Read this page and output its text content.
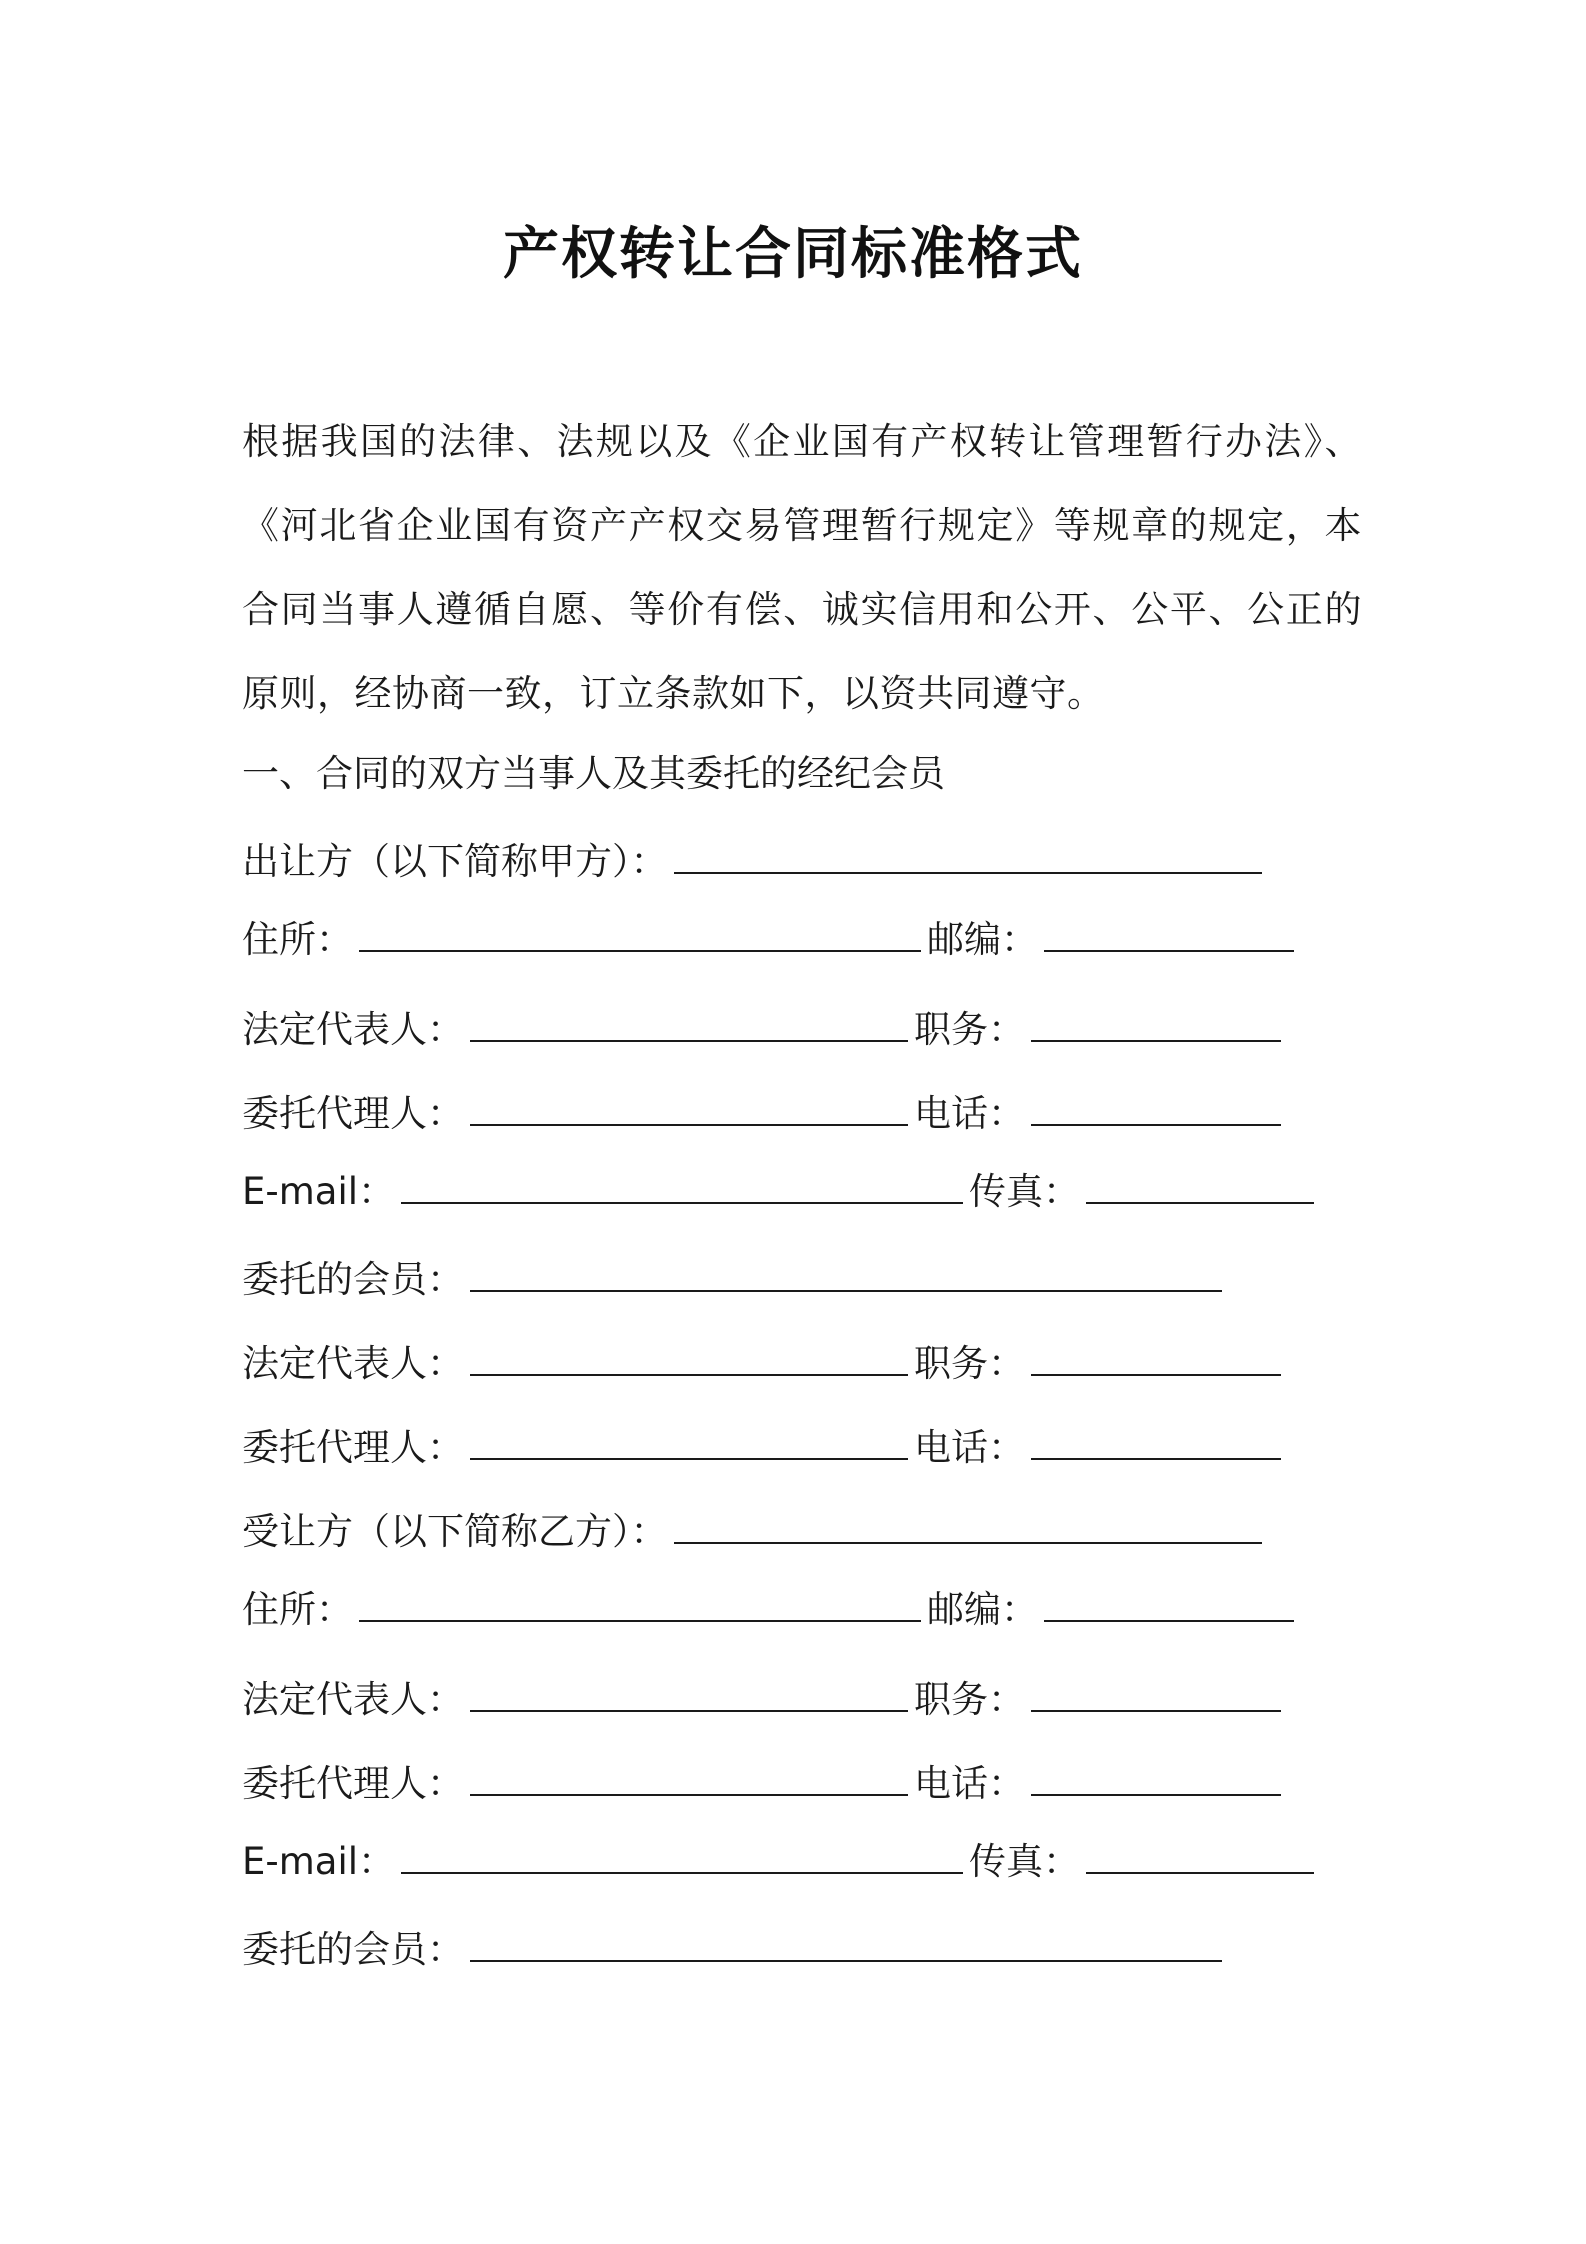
产权转让合同标准格式
根据我国的法律、法规以及《企业国有产权转让管理暂行办法》、《河北省企业国有资产产权交易管理暂行规定》等规章的规定，本合同当事人遵循自愿、等价有偿、诚实信用和公开、公平、公正的原则，经协商一致，订立条款如下，以资共同遵守。
一、合同的双方当事人及其委托的经纪会员
出让方（以下简称甲方）：
住所：	邮编：
法定代表人：	职务：
委托代理人：	电话：
E-mail：	传真：
委托的会员：
法定代表人：	职务：
委托代理人：	电话：
受让方（以下简称乙方）：
住所：	邮编：
法定代表人：	职务：
委托代理人：	电话：
E-mail：	传真：
委托的会员：
